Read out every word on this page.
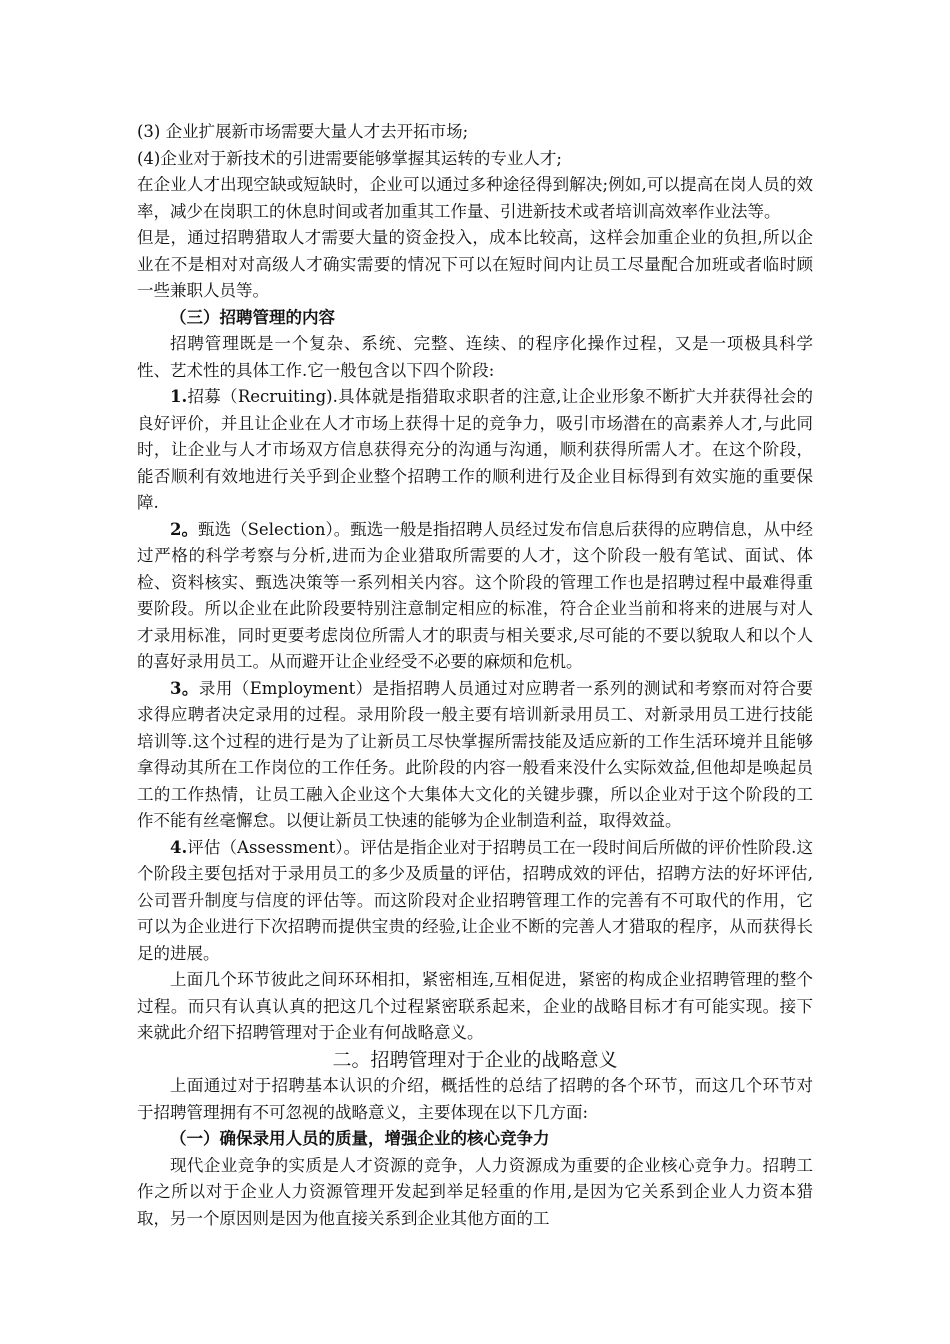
(3) 企业扩展新市场需要大量人才去开拓市场;

(4)企业对于新技术的引进需要能够掌握其运转的专业人才;

在企业人才出现空缺或短缺时，企业可以通过多种途径得到解决;例如,可以提高在岗人员的效率，减少在岗职工的休息时间或者加重其工作量、引进新技术或者培训高效率作业法等。

但是，通过招聘猎取人才需要大量的资金投入，成本比较高，这样会加重企业的负担,所以企业在不是相对对高级人才确实需要的情况下可以在短时间内让员工尽量配合加班或者临时顾一些兼职人员等。

（三）招聘管理的内容

招聘管理既是一个复杂、系统、完整、连续、的程序化操作过程，又是一项极具科学性、艺术性的具体工作.它一般包含以下四个阶段:

1.招募（Recruiting).具体就是指猎取求职者的注意,让企业形象不断扩大并获得社会的良好评价，并且让企业在人才市场上获得十足的竞争力，吸引市场潜在的高素养人才,与此同时，让企业与人才市场双方信息获得充分的沟通与沟通，顺利获得所需人才。在这个阶段，能否顺利有效地进行关乎到企业整个招聘工作的顺利进行及企业目标得到有效实施的重要保障.

2。甄选（Selection）。甄选一般是指招聘人员经过发布信息后获得的应聘信息，从中经过严格的科学考察与分析,进而为企业猎取所需要的人才，这个阶段一般有笔试、面试、体检、资料核实、甄选决策等一系列相关内容。这个阶段的管理工作也是招聘过程中最难得重要阶段。所以企业在此阶段要特别注意制定相应的标准，符合企业当前和将来的进展与对人才录用标准，同时更要考虑岗位所需人才的职责与相关要求,尽可能的不要以貌取人和以个人的喜好录用员工。从而避开让企业经受不必要的麻烦和危机。

3。录用（Employment）是指招聘人员通过对应聘者一系列的测试和考察而对符合要求得应聘者决定录用的过程。录用阶段一般主要有培训新录用员工、对新录用员工进行技能培训等.这个过程的进行是为了让新员工尽快掌握所需技能及适应新的工作生活环境并且能够拿得动其所在工作岗位的工作任务。此阶段的内容一般看来没什么实际效益,但他却是唤起员工的工作热情，让员工融入企业这个大集体大文化的关键步骤，所以企业对于这个阶段的工作不能有丝毫懈怠。以便让新员工快速的能够为企业制造利益，取得效益。

4.评估（Assessment）。评估是指企业对于招聘员工在一段时间后所做的评价性阶段.这个阶段主要包括对于录用员工的多少及质量的评估，招聘成效的评估，招聘方法的好坏评估,公司晋升制度与信度的评估等。而这阶段对企业招聘管理工作的完善有不可取代的作用，它可以为企业进行下次招聘而提供宝贵的经验,让企业不断的完善人才猎取的程序，从而获得长足的进展。

上面几个环节彼此之间环环相扣，紧密相连,互相促进，紧密的构成企业招聘管理的整个过程。而只有认真认真的把这几个过程紧密联系起来，企业的战略目标才有可能实现。接下来就此介绍下招聘管理对于企业有何战略意义。

二。招聘管理对于企业的战略意义

上面通过对于招聘基本认识的介绍，概括性的总结了招聘的各个环节，而这几个环节对于招聘管理拥有不可忽视的战略意义，主要体现在以下几方面:

（一）确保录用人员的质量，增强企业的核心竞争力

现代企业竞争的实质是人才资源的竞争，人力资源成为重要的企业核心竞争力。招聘工作之所以对于企业人力资源管理开发起到举足轻重的作用,是因为它关系到企业人力资本猎取，另一个原因则是因为他直接关系到企业其他方面的工
